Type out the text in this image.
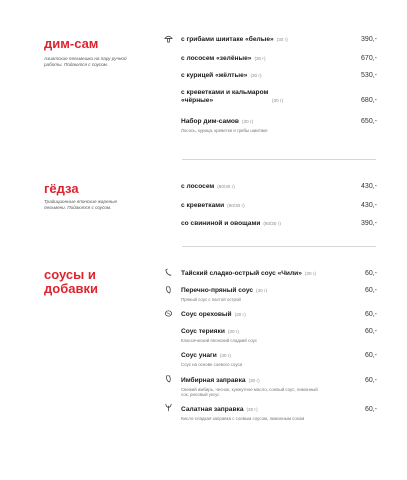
дим-сам
Азиатские пельмешки на пару ручной работы. Подаются с соусом.
с грибами шиитаке «белые» (30 г)	390,-
с лососем «зелёные» (30 г)	670,-
с курицей «жёлтые» (30 г)	530,-
с креветками и кальмаром «чёрные»	(30 г)	680,-
Набор дим-самов (30 г)	650,-
Лосось, курица, креветки и грибы шиитаке
гёдза
Традиционные японские жареные пельмени. Подаются с соусом.
с лососем (80/30 г)	430,-
с креветками (80/30 г)	430,-
со свининой и овощами (80/30 г)	390,-
соусы и добавки
Тайский сладко-острый соус «Чили» (30 г)	60,-
Перечно-пряный соус (30 г)	60,-
Пряный соус с пастой острой
Соус ореховый (30 г)	60,-
Соус терияки (30 г)	60,-
Классический японский сладкий соус
Соус унаги (30 г)	60,-
Соус на основе соевого соуса
Имбирная заправка (30 г)	60,-
Свежий имбирь, чеснок, кунжутное масло, соевый соус, лимонный сок, рисовый уксус
Салатная заправка (30 г)	60,-
Кисло-сладкая заправка с соевым соусом, лимонным соком
